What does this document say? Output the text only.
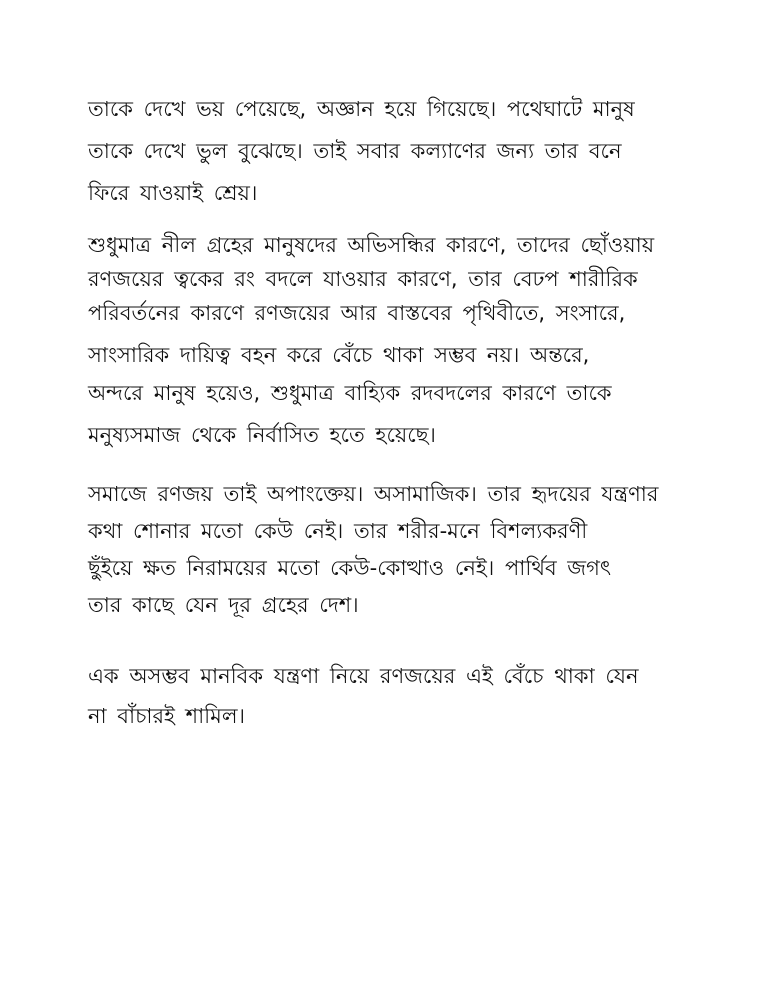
তাকে দেখে ভয় পেয়েছে, অজ্ঞান হয়ে গিয়েছে। পথেঘাটে মানুষ
তাকে দেখে ভুল বুঝেছে। তাই সবার কল্যাণের জন্য তার বনে
ফিরে যাওয়াই শ্রেয়।
শুধুমাত্র নীল গ্রহের মানুষদের অভিসন্ধির কারণে, তাদের ছোঁওয়ায়
রণজয়ের ত্বকের রং বদলে যাওয়ার কারণে, তার বেঢপ শারীরিক
পরিবর্তনের কারণে রণজয়ের আর বাস্তবের পৃথিবীতে, সংসারে,
সাংসারিক দায়িত্ব বহন করে বেঁচে থাকা সম্ভব নয়। অন্তরে,
অন্দরে মানুষ হয়েও, শুধুমাত্র বাহ্যিক রদবদলের কারণে তাকে
মনুষ্যসমাজ থেকে নির্বাসিত হতে হয়েছে।
সমাজে রণজয় তাই অপাংক্তেয়। অসামাজিক। তার হৃদয়ের যন্ত্রণার
কথা শোনার মতো কেউ নেই। তার শরীর-মনে বিশল্যকরণী
ছুঁইয়ে ক্ষত নিরাময়ের মতো কেউ-কোত্থাও নেই। পার্থিব জগৎ
তার কাছে যেন দূর গ্রহের দেশ।
এক অসম্ভব মানবিক যন্ত্রণা নিয়ে রণজয়ের এই বেঁচে থাকা যেন
না বাঁচারই শামিল।
